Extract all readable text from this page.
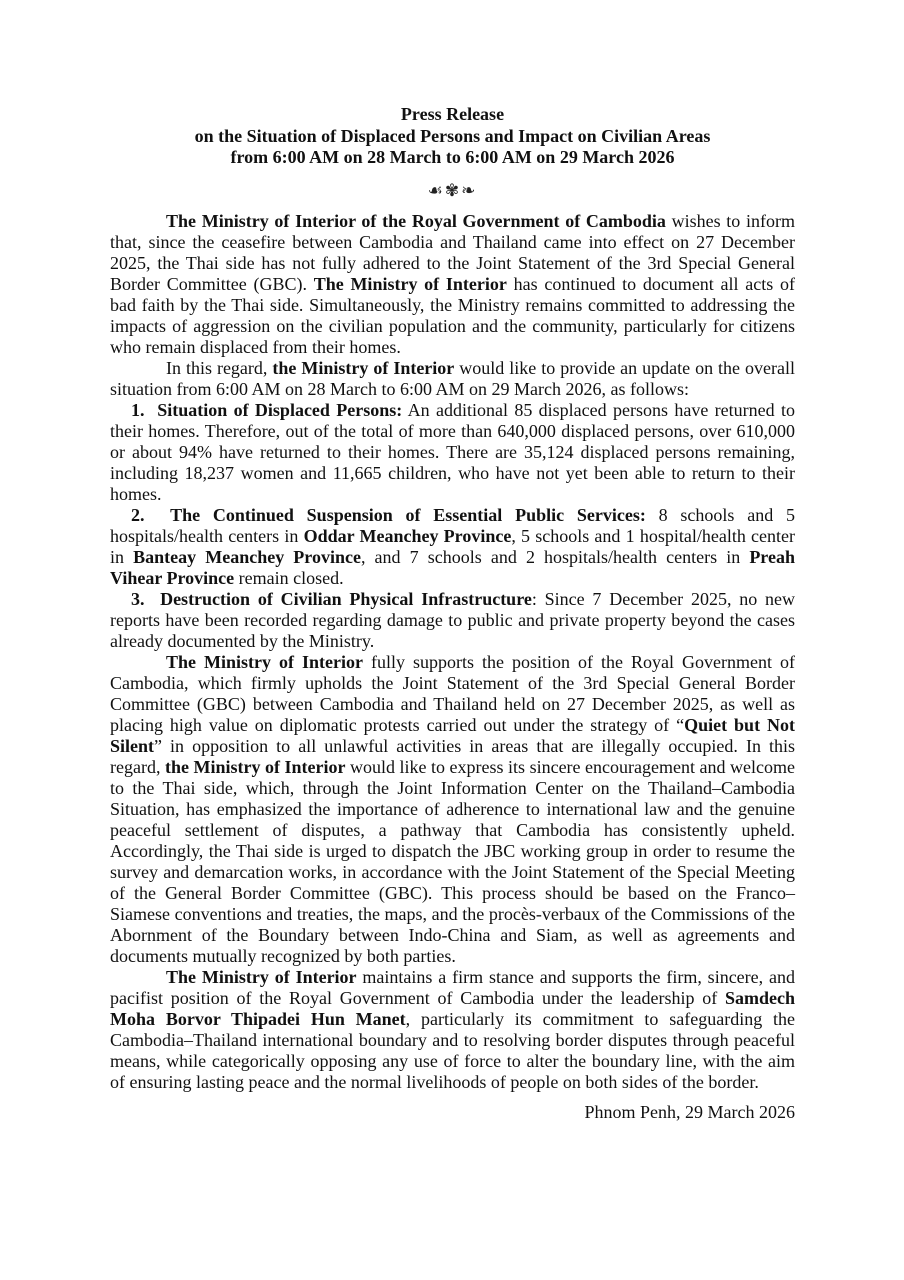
Press Release
on the Situation of Displaced Persons and Impact on Civilian Areas
from 6:00 AM on 28 March to 6:00 AM on 29 March 2026
☙✾❧

The Ministry of Interior of the Royal Government of Cambodia wishes to inform that, since the ceasefire between Cambodia and Thailand came into effect on 27 December 2025, the Thai side has not fully adhered to the Joint Statement of the 3rd Special General Border Committee (GBC). The Ministry of Interior has continued to document all acts of bad faith by the Thai side. Simultaneously, the Ministry remains committed to addressing the impacts of aggression on the civilian population and the community, particularly for citizens who remain displaced from their homes.

In this regard, the Ministry of Interior would like to provide an update on the overall situation from 6:00 AM on 28 March to 6:00 AM on 29 March 2026, as follows:

1.  Situation of Displaced Persons: An additional 85 displaced persons have returned to their homes. Therefore, out of the total of more than 640,000 displaced persons, over 610,000 or about 94% have returned to their homes. There are 35,124 displaced persons remaining, including 18,237 women and 11,665 children, who have not yet been able to return to their homes.

2.  The Continued Suspension of Essential Public Services: 8 schools and 5 hospitals/health centers in Oddar Meanchey Province, 5 schools and 1 hospital/health center in Banteay Meanchey Province, and 7 schools and 2 hospitals/health centers in Preah Vihear Province remain closed.

3.  Destruction of Civilian Physical Infrastructure: Since 7 December 2025, no new reports have been recorded regarding damage to public and private property beyond the cases already documented by the Ministry.

The Ministry of Interior fully supports the position of the Royal Government of Cambodia, which firmly upholds the Joint Statement of the 3rd Special General Border Committee (GBC) between Cambodia and Thailand held on 27 December 2025, as well as placing high value on diplomatic protests carried out under the strategy of “Quiet but Not Silent” in opposition to all unlawful activities in areas that are illegally occupied. In this regard, the Ministry of Interior would like to express its sincere encouragement and welcome to the Thai side, which, through the Joint Information Center on the Thailand–Cambodia Situation, has emphasized the importance of adherence to international law and the genuine peaceful settlement of disputes, a pathway that Cambodia has consistently upheld. Accordingly, the Thai side is urged to dispatch the JBC working group in order to resume the survey and demarcation works, in accordance with the Joint Statement of the Special Meeting of the General Border Committee (GBC). This process should be based on the Franco–Siamese conventions and treaties, the maps, and the procès-verbaux of the Commissions of the Abornment of the Boundary between Indo-China and Siam, as well as agreements and documents mutually recognized by both parties.

The Ministry of Interior maintains a firm stance and supports the firm, sincere, and pacifist position of the Royal Government of Cambodia under the leadership of Samdech Moha Borvor Thipadei Hun Manet, particularly its commitment to safeguarding the Cambodia–Thailand international boundary and to resolving border disputes through peaceful means, while categorically opposing any use of force to alter the boundary line, with the aim of ensuring lasting peace and the normal livelihoods of people on both sides of the border.

Phnom Penh, 29 March 2026
